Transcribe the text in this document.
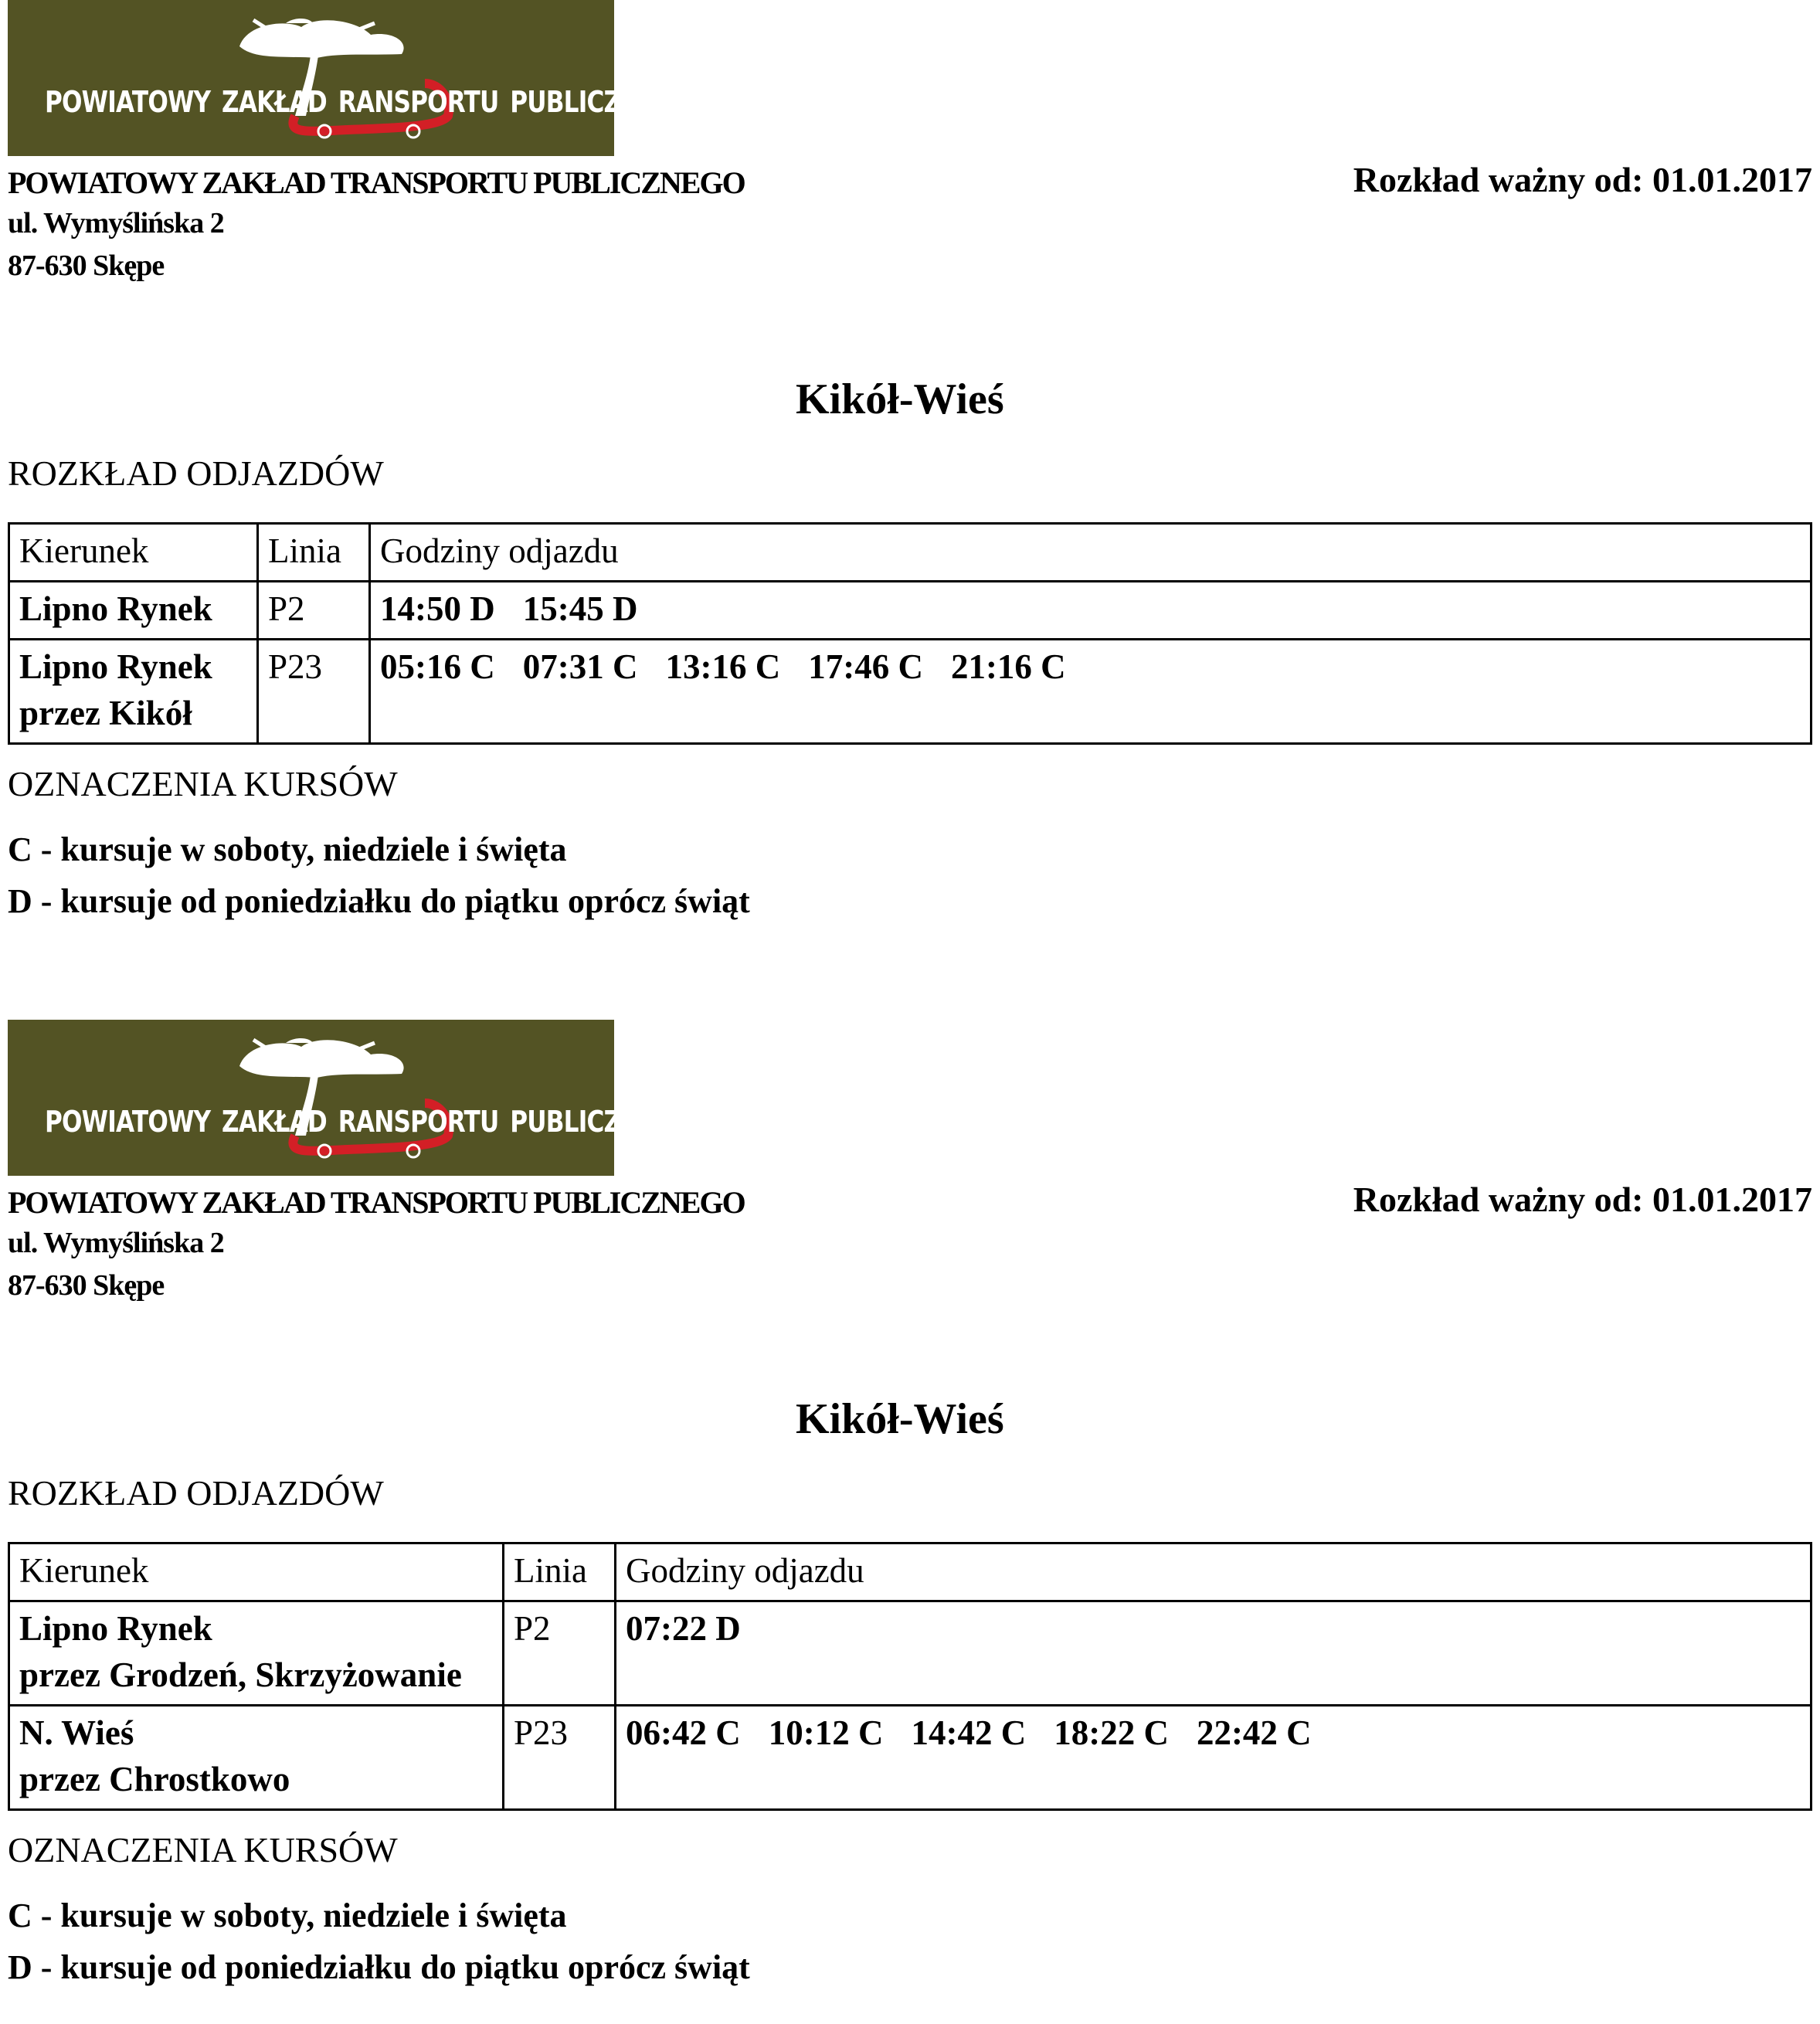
POWIATOWY ZAKŁAD RANSPORTU PUBLICZNEGO
POWIATOWY ZAKŁAD TRANSPORTU PUBLICZNEGO
ul. Wymyślińska 2
87-630 Skępe
Rozkład ważny od: 01.01.2017
Kikół-Wieś
ROZKŁAD ODJAZDÓW
Kierunek	Linia	Godziny odjazdu

Lipno Rynek	P2	14:50 D 15:45 D

Lipno Rynek
przez Kikół	P23	05:16 C 07:31 C 13:16 C 17:46 C 21:16 C
OZNACZENIA KURSÓW
C - kursuje w soboty, niedziele i święta
D - kursuje od poniedziałku do piątku oprócz świąt
POWIATOWY ZAKŁAD RANSPORTU PUBLICZNEGO
POWIATOWY ZAKŁAD TRANSPORTU PUBLICZNEGO
ul. Wymyślińska 2
87-630 Skępe
Rozkład ważny od: 01.01.2017
Kikół-Wieś
ROZKŁAD ODJAZDÓW
Kierunek	Linia	Godziny odjazdu

Lipno Rynek
przez Grodzeń, Skrzyżowanie	P2	07:22 D

N. Wieś
przez Chrostkowo	P23	06:42 C 10:12 C 14:42 C 18:22 C 22:42 C
OZNACZENIA KURSÓW
C - kursuje w soboty, niedziele i święta
D - kursuje od poniedziałku do piątku oprócz świąt
